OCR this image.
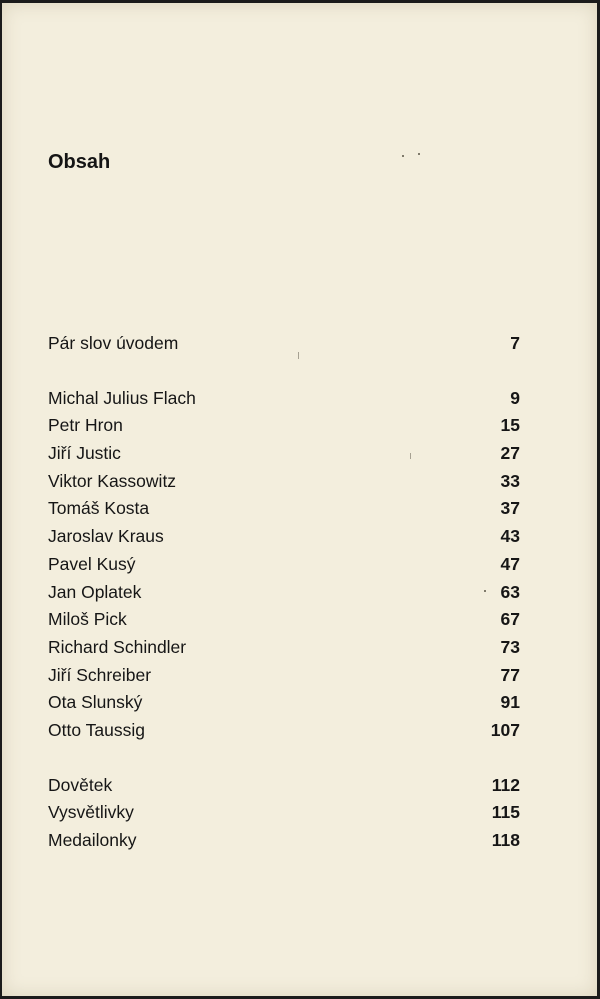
Obsah
Pár slov úvodem	7
Michal Julius Flach	9
Petr Hron	15
Jiří Justic	27
Viktor Kassowitz	33
Tomáš Kosta	37
Jaroslav Kraus	43
Pavel Kusý	47
Jan Oplatek	63
Miloš Pick	67
Richard Schindler	73
Jiří Schreiber	77
Ota Slunský	91
Otto Taussig	107
Dovětek	112
Vysvětlivky	115
Medailonky	118
